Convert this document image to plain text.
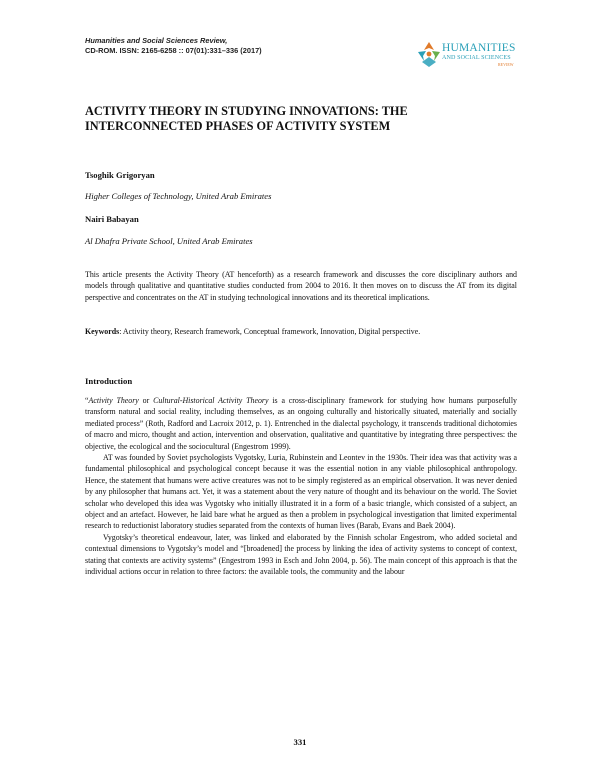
Humanities and Social Sciences Review,
CD-ROM. ISSN: 2165-6258 :: 07(01):331–336 (2017)	HUMANITIES
AND SOCIAL SCIENCES
REVIEW
ACTIVITY THEORY IN STUDYING INNOVATIONS: THE INTERCONNECTED PHASES OF ACTIVITY SYSTEM
Tsoghik Grigoryan
Higher Colleges of Technology, United Arab Emirates
Nairi Babayan
Al Dhafra Private School, United Arab Emirates

This article presents the Activity Theory (AT henceforth) as a research framework and discusses the core disciplinary authors and models through qualitative and quantitative studies conducted from 2004 to 2016. It then moves on to discuss the AT from its digital perspective and concentrates on the AT in studying technological innovations and its theoretical implications.

Keywords: Activity theory, Research framework, Conceptual framework, Innovation, Digital perspective.

Introduction

“Activity Theory or Cultural-Historical Activity Theory is a cross-disciplinary framework for studying how humans purposefully transform natural and social reality, including themselves, as an ongoing culturally and historically situated, materially and socially mediated process” (Roth, Radford and Lacroix 2012, p. 1). Entrenched in the dialectal psychology, it transcends traditional dichotomies of macro and micro, thought and action, intervention and observation, qualitative and quantitative by integrating three perspectives: the objective, the ecological and the sociocultural (Engestrom 1999).

AT was founded by Soviet psychologists Vygotsky, Luria, Rubinstein and Leontev in the 1930s. Their idea was that activity was a fundamental philosophical and psychological concept because it was the essential notion in any viable philosophical anthropology. Hence, the statement that humans were active creatures was not to be simply registered as an empirical observation. It was never denied by any philosopher that humans act. Yet, it was a statement about the very nature of thought and its behaviour on the world. The Soviet scholar who developed this idea was Vygotsky who initially illustrated it in a form of a basic triangle, which consisted of a subject, an object and an artefact. However, he laid bare what he argued as then a problem in psychological investigation that limited experimental research to reductionist laboratory studies separated from the contexts of human lives (Barab, Evans and Baek 2004).

Vygotsky’s theoretical endeavour, later, was linked and elaborated by the Finnish scholar Engestrom, who added societal and contextual dimensions to Vygotsky’s model and “[broadened] the process by linking the idea of activity systems to concept of context, stating that contexts are activity systems” (Engestrom 1993 in Esch and John 2004, p. 56). The main concept of this approach is that the individual actions occur in relation to three factors: the available tools, the community and the labour

331
